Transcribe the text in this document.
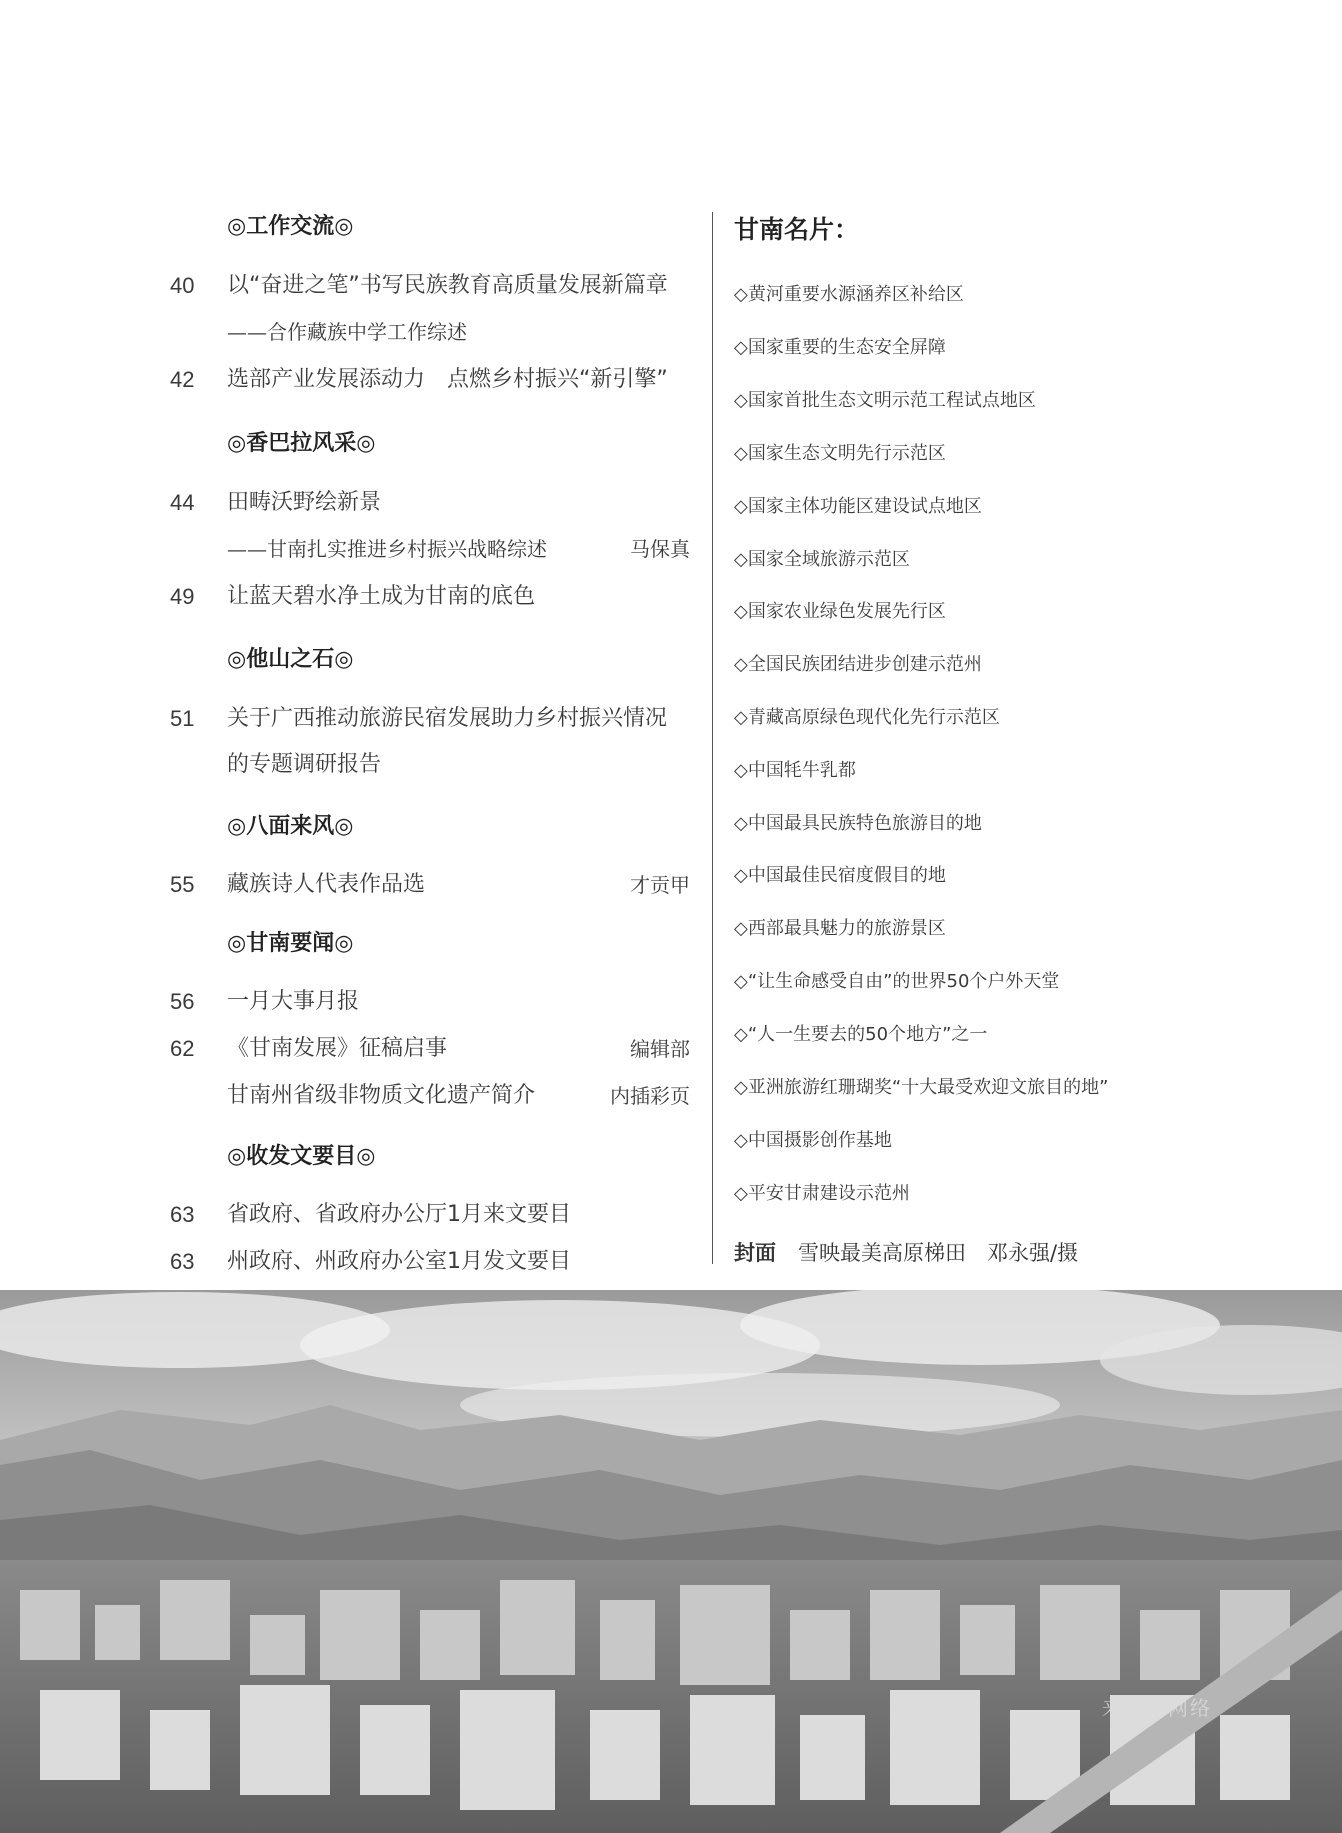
◎工作交流◎
40	以“奋进之笔”书写民族教育高质量发展新篇章
——合作藏族中学工作综述
42	选部产业发展添动力　点燃乡村振兴“新引擎”
◎香巴拉风采◎
44	田畴沃野绘新景
——甘南扎实推进乡村振兴战略综述	马保真
49	让蓝天碧水净土成为甘南的底色
◎他山之石◎
51	关于广西推动旅游民宿发展助力乡村振兴情况
的专题调研报告
◎八面来风◎
55	藏族诗人代表作品选	才贡甲
◎甘南要闻◎
56	一月大事月报
62	《甘南发展》征稿启事	编辑部
甘南州省级非物质文化遗产简介	内插彩页
◎收发文要目◎
63	省政府、省政府办公厅1月来文要目
63	州政府、州政府办公室1月发文要目
甘南名片：
◇黄河重要水源涵养区补给区
◇国家重要的生态安全屏障
◇国家首批生态文明示范工程试点地区
◇国家生态文明先行示范区
◇国家主体功能区建设试点地区
◇国家全域旅游示范区
◇国家农业绿色发展先行区
◇全国民族团结进步创建示范州
◇青藏高原绿色现代化先行示范区
◇中国牦牛乳都
◇中国最具民族特色旅游目的地
◇中国最佳民宿度假目的地
◇西部最具魅力的旅游景区
◇“让生命感受自由”的世界50个户外天堂
◇“人一生要去的50个地方”之一
◇亚洲旅游红珊瑚奖“十大最受欢迎文旅目的地”
◇中国摄影创作基地
◇平安甘肃建设示范州
封面 雪映最美高原梯田　邓永强/摄
来源：网络
